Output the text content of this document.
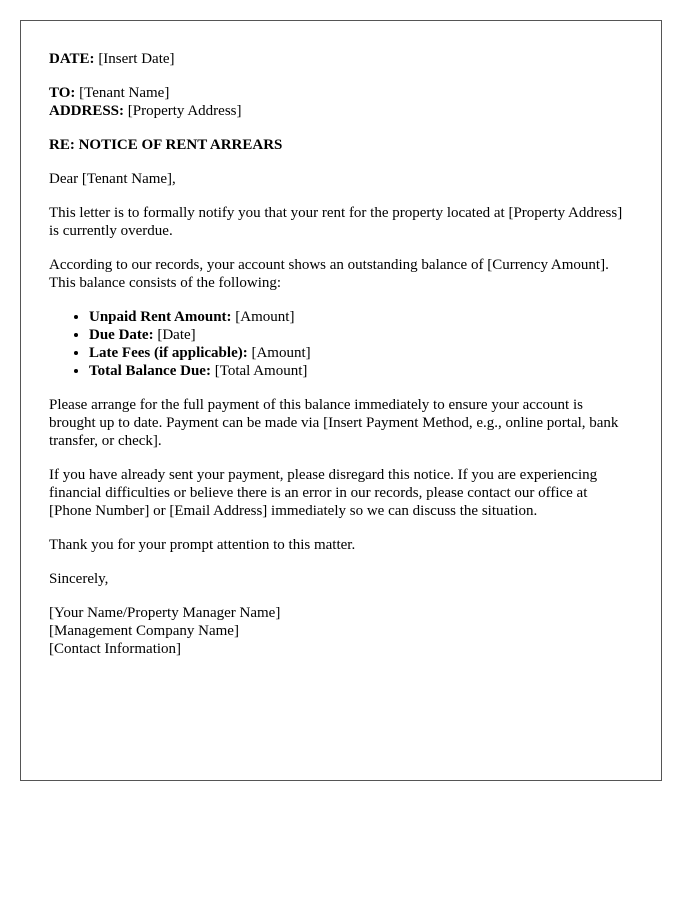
DATE: [Insert Date]

TO: [Tenant Name]
ADDRESS: [Property Address]

RE: NOTICE OF RENT ARREARS

Dear [Tenant Name],

This letter is to formally notify you that your rent for the property located at [Property Address] is currently overdue.

According to our records, your account shows an outstanding balance of [Currency Amount]. This balance consists of the following:

• Unpaid Rent Amount: [Amount]
• Due Date: [Date]
• Late Fees (if applicable): [Amount]
• Total Balance Due: [Total Amount]

Please arrange for the full payment of this balance immediately to ensure your account is brought up to date. Payment can be made via [Insert Payment Method, e.g., online portal, bank transfer, or check].

If you have already sent your payment, please disregard this notice. If you are experiencing financial difficulties or believe there is an error in our records, please contact our office at [Phone Number] or [Email Address] immediately so we can discuss the situation.

Thank you for your prompt attention to this matter.

Sincerely,

[Your Name/Property Manager Name]

[Management Company Name]

[Contact Information]
